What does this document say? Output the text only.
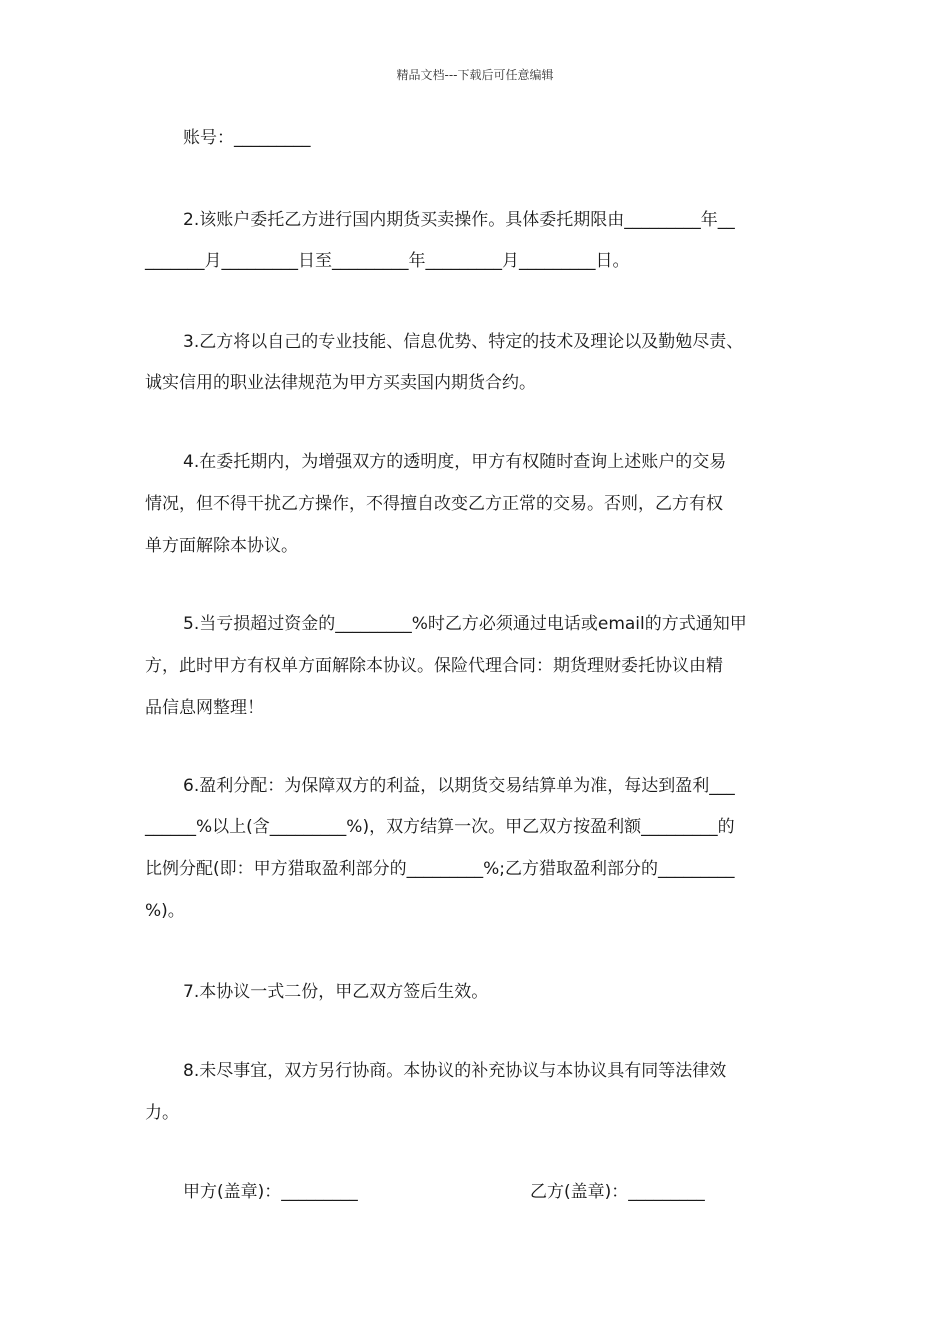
精品文档---下载后可任意编辑
账号：_________
2.该账户委托乙方进行国内期货买卖操作。具体委托期限由_________年__
_______月_________日至_________年_________月_________日。
3.乙方将以自己的专业技能、信息优势、特定的技术及理论以及勤勉尽责、
诚实信用的职业法律规范为甲方买卖国内期货合约。
4.在委托期内，为增强双方的透明度，甲方有权随时查询上述账户的交易
情况，但不得干扰乙方操作，不得擅自改变乙方正常的交易。否则，乙方有权
单方面解除本协议。
5.当亏损超过资金的_________%时乙方必须通过电话或email的方式通知甲
方，此时甲方有权单方面解除本协议。保险代理合同：期货理财委托协议由精
品信息网整理！
6.盈利分配：为保障双方的利益，以期货交易结算单为准，每达到盈利___
______%以上(含_________%)，双方结算一次。甲乙双方按盈利额_________的
比例分配(即：甲方猎取盈利部分的_________%;乙方猎取盈利部分的_________
%)。
7.本协议一式二份，甲乙双方签后生效。
8.未尽事宜，双方另行协商。本协议的补充协议与本协议具有同等法律效
力。
甲方(盖章)：_________	乙方(盖章)：_________
